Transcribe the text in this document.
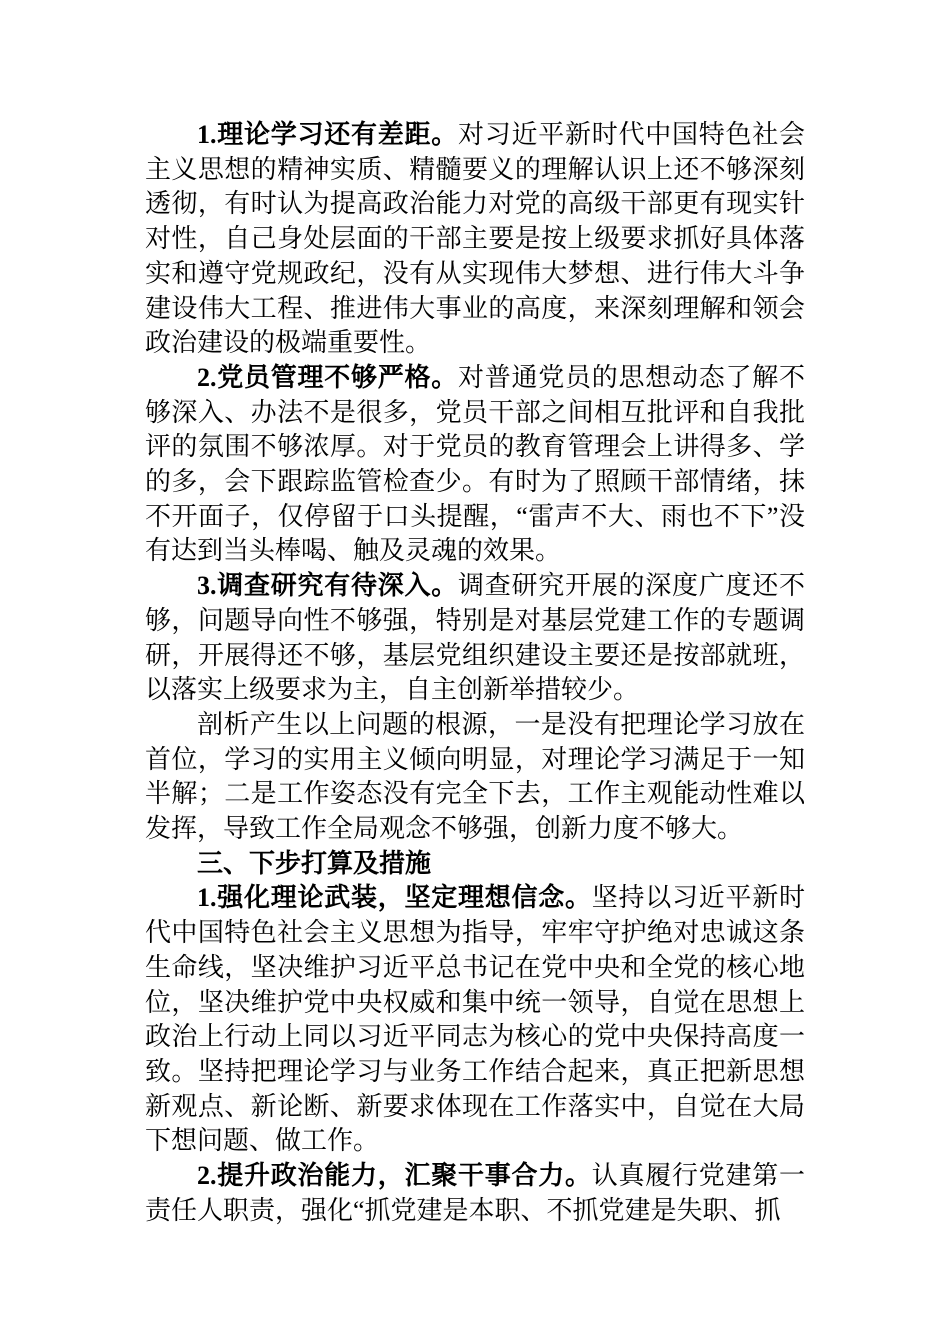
1.理论学习还有差距。对习近平新时代中国特色社会主义思想的精神实质、精髓要义的理解认识上还不够深刻透彻，有时认为提高政治能力对党的高级干部更有现实针对性，自己身处层面的干部主要是按上级要求抓好具体落实和遵守党规政纪，没有从实现伟大梦想、进行伟大斗争建设伟大工程、推进伟大事业的高度，来深刻理解和领会政治建设的极端重要性。

2.党员管理不够严格。对普通党员的思想动态了解不够深入、办法不是很多，党员干部之间相互批评和自我批评的氛围不够浓厚。对于党员的教育管理会上讲得多、学的多，会下跟踪监管检查少。有时为了照顾干部情绪，抹不开面子，仅停留于口头提醒，“雷声不大、雨也不下”没有达到当头棒喝、触及灵魂的效果。

3.调查研究有待深入。调查研究开展的深度广度还不够，问题导向性不够强，特别是对基层党建工作的专题调研，开展得还不够，基层党组织建设主要还是按部就班，以落实上级要求为主，自主创新举措较少。

剖析产生以上问题的根源，一是没有把理论学习放在首位，学习的实用主义倾向明显，对理论学习满足于一知半解；二是工作姿态没有完全下去，工作主观能动性难以发挥，导致工作全局观念不够强，创新力度不够大。

三、下步打算及措施

1.强化理论武装，坚定理想信念。坚持以习近平新时代中国特色社会主义思想为指导，牢牢守护绝对忠诚这条生命线，坚决维护习近平总书记在党中央和全党的核心地位，坚决维护党中央权威和集中统一领导，自觉在思想上政治上行动上同以习近平同志为核心的党中央保持高度一致。坚持把理论学习与业务工作结合起来，真正把新思想新观点、新论断、新要求体现在工作落实中，自觉在大局下想问题、做工作。

2.提升政治能力，汇聚干事合力。认真履行党建第一责任人职责，强化“抓党建是本职、不抓党建是失职、抓
